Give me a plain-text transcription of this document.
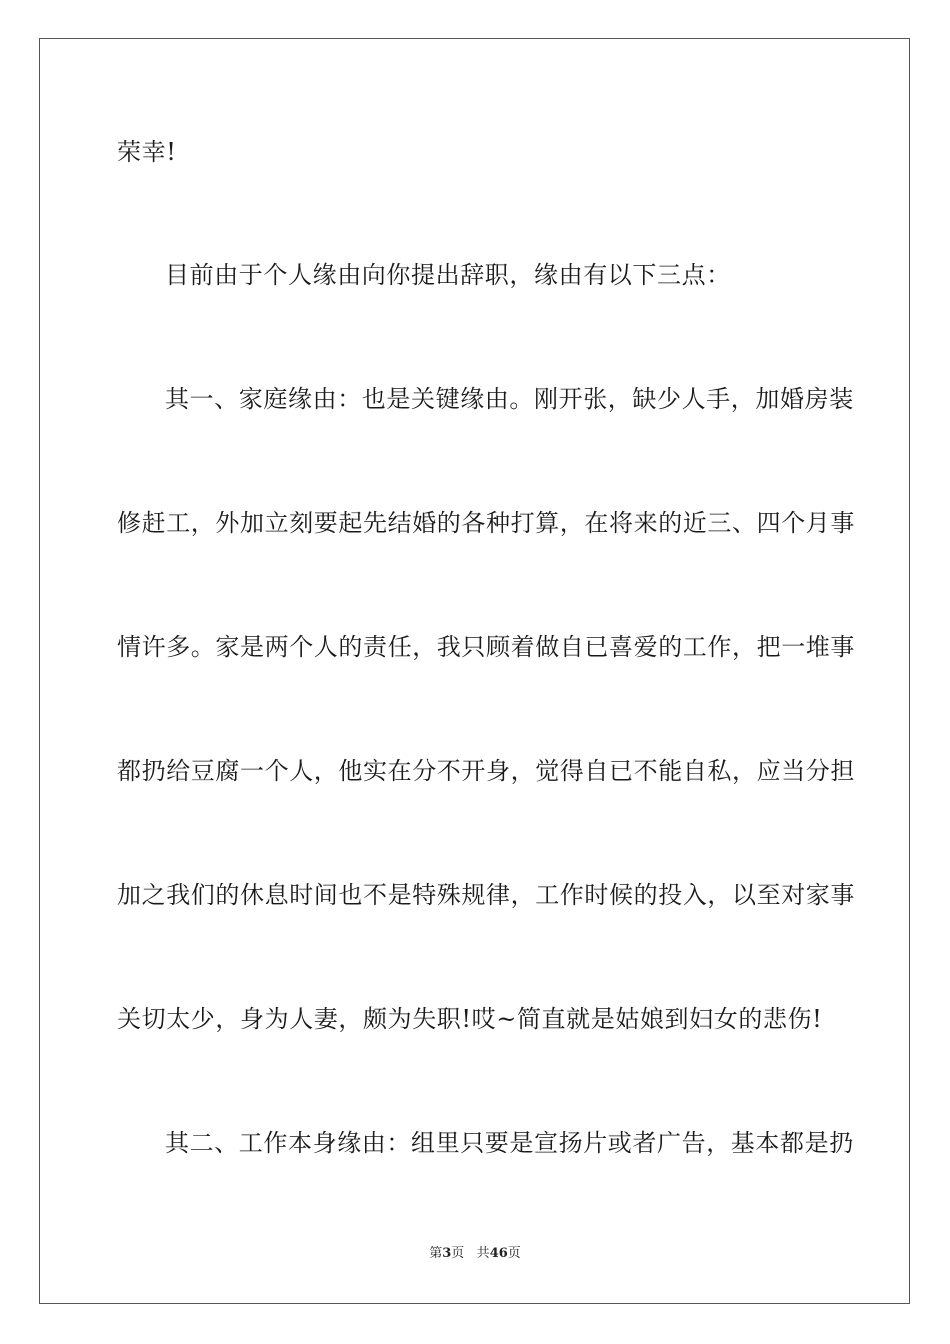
荣幸!
目前由于个人缘由向你提出辞职，缘由有以下三点：
其一、家庭缘由：也是关键缘由。刚开张，缺少人手，加婚房装
修赶工，外加立刻要起先结婚的各种打算，在将来的近三、四个月事
情许多。家是两个人的责任，我只顾着做自已喜爱的工作，把一堆事
都扔给豆腐一个人，他实在分不开身，觉得自已不能自私，应当分担
加之我们的休息时间也不是特殊规律，工作时候的投入，以至对家事
关切太少，身为人妻，颇为失职!哎~简直就是姑娘到妇女的悲伤!
其二、工作本身缘由：组里只要是宣扬片或者广告，基本都是扔
第3页 共46页
